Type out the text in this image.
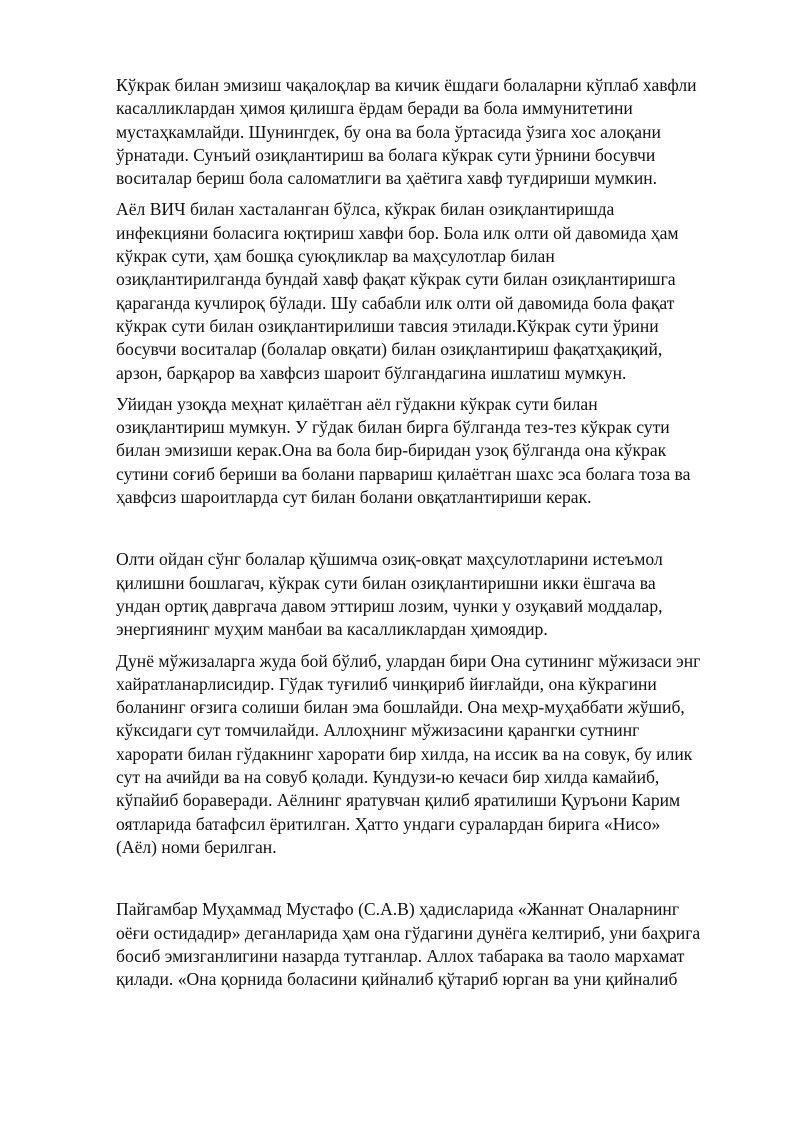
Кўкрак билан эмизиш чақалоқлар ва кичик ёшдаги болаларни кўплаб хавфли
касалликлардан ҳимоя қилишга ёрдам беради ва бола иммунитетини
мустаҳкамлайди. Шунингдек, бу она ва бола ўртасида ўзига хос алоқани
ўрнатади. Сунъий озиқлантириш ва болага кўкрак сути ўрнини босувчи
воситалар бериш бола саломатлиги ва ҳаётига хавф туғдириши мумкин.

Аёл ВИЧ билан хасталанган бўлса, кўкрак билан озиқлантиришда
инфекцияни боласига юқтириш хавфи бор. Бола илк олти ой давомида ҳам
кўкрак сути, ҳам бошқа суюқликлар ва маҳсулотлар билан
озиқлантирилганда бундай хавф фақат кўкрак сути билан озиқлантиришга
қараганда кучлироқ бўлади. Шу сабабли илк олти ой давомида бола фақат
кўкрак сути билан озиқлантирилиши тавсия этилади.Кўкрак сути ўрини
босувчи воситалар (болалар овқати) билан озиқлантириш фақатҳақиқий,
арзон, барқарор ва хавфсиз шароит бўлгандагина ишлатиш мумкун.

Уйидан узоқда меҳнат қилаётган аёл гўдакни кўкрак сути билан
озиқлантириш мумкун. У гўдак билан бирга бўлганда тез-тез кўкрак сути
билан эмизиши керак.Она ва бола бир-биридан узоқ бўлганда она кўкрак
сутини соғиб бериши ва болани парвариш қилаётган шахс эса болага тоза ва
ҳавфсиз шароитларда сут билан болани овқатлантириши керак.

Олти ойдан сўнг болалар қўшимча озиқ-овқат маҳсулотларини истеъмол
қилишни бошлагач, кўкрак сути билан озиқлантиришни икки ёшгача ва
ундан ортиқ давргача давом эттириш лозим, чунки у озуқавий моддалар,
энергиянинг муҳим манбаи ва касалликлардан ҳимоядир.

Дунё мўжизаларга жуда бой бўлиб, улардан бири Она сутининг мўжизаси энг
хайратланарлисидир. Гўдак туғилиб чинқириб йиғлайди, она кўкрагини
боланинг оғзига солиши билан эма бошлайди. Она меҳр-муҳаббати жўшиб,
кўксидаги сут томчилайди. Аллоҳнинг мўжизасини қарангки сутнинг
харорати билан гўдакнинг харорати бир хилда, на иссик ва на совук, бу илик
сут на ачийди ва на совуб қолади. Кундузи-ю кечаси бир хилда камайиб,
кўпайиб бораверади. Аёлнинг яратувчан қилиб яратилиши Қуръони Карим
оятларида батафсил ёритилган. Ҳатто ундаги суралардан бирига «Нисо»
(Аёл) номи берилган.

Пайгамбар Муҳаммад Мустафо (С.А.В) ҳадисларида «Жаннат Оналарнинг
оёғи остидадир» деганларида ҳам она гўдагини дунёга келтириб, уни баҳрига
босиб эмизганлигини назарда тутганлар. Аллох табарака ва таоло мархамат
қилади. «Она қорнида боласини қийналиб қўтариб юрган ва уни қийналиб
